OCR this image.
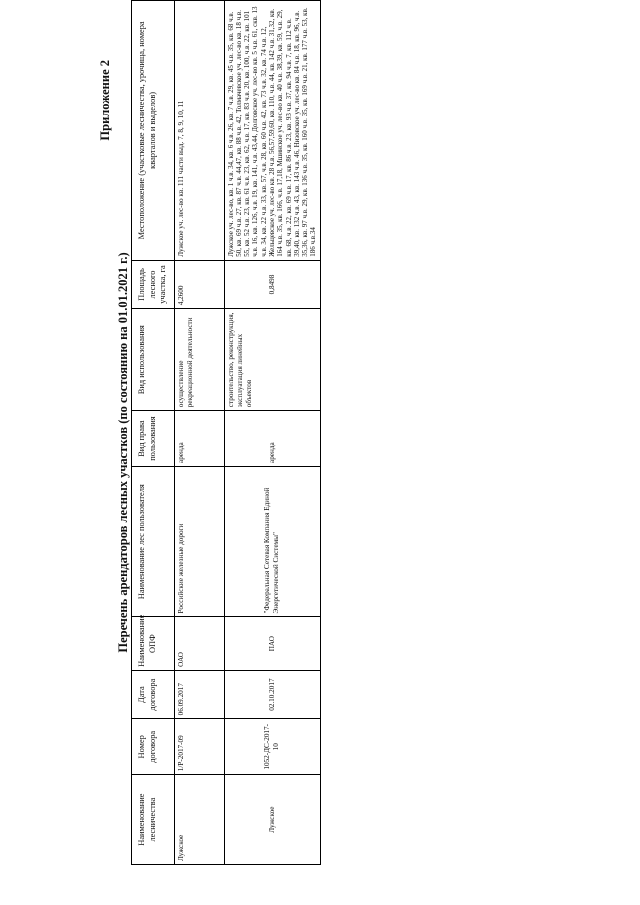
Приложение 2
Перечень арендаторов лесных участков (по состоянию на 01.01.2021 г.)
Наименование лесничества	Номер договора	Дата договора	Наименование ОПФ	Наименование лес пользователя	Вид права пользования	Вид использования	Площадь лесного участка, га	Местоположение (участковые лесничества, урочища, номера кварталов и выделов)
Лужское	1/Р-2017-09	06.09.2017	ОАО	Российские железные дороги	аренда	осуществление рекреационной деятельности	4,2600	Лужское уч. лес-во кв. 111 части выд. 7, 8, 9, 10, 11
Лужское	1052-ДС-2017-10	02.10.2017	ПАО	"Федеральная Сетевая Компания Единой Энергетической Системы"	аренда	строительство, реконструкция, эксплуатация линейных объектов	0,8498	Лужское уч. лес-во, кв. 1 ч.в. 34, кв. 6 ч.в. 26, кв. 7 ч.в. 29, кв. 45 ч.в. 35, кв. 68 ч.в. 50, кв. 69 ч.в. 27, кв. 87 ч.в. 44,47, кв. 88 ч.в. 42, Толмачевское уч. лес-во кв. 18 ч.в. 55, кв. 52 ч.в. 23, кв. 61 ч.в. 23, кв. 62, ч.в. 17, кв. 83 ч.в. 20, кв. 100, ч.в. 22, кв. 101 ч.в. 16, кв. 126, ч.в. 19, кв. 141, ч.в. 43,44, Долговское уч. лес-во кв. 5 ч.в. 61, скв. 13 ч.в. 34, кв. 22 ч.в. 33, кв. 57, ч.в. 28, кв. 60 ч.в. 42, кв. 73 ч.в. 32, кв. 74 ч.в. 12, Жельцевское уч. лес-во кв. 28 ч.в. 56,57,59,60, кв. 110, ч.в. 44, кв. 142 ч.в. 31,32, кв. 164 ч.в. 35, кв. 166, ч.в. 17,18, Мшинское уч. лес-во кв. 40 ч.в. 38,39, кв. 59, ч.в. 29, кв. 68, ч.в. 22, кв. 69 ч.в. 17, кв. 86 ч.в. 23, кв. 93 ч.в. 37, кв. 94 ч.в. 7, кв. 112 ч.в. 39,40, кв. 132 ч.в. 43, кв. 143 ч.в. 46, Низовское уч. лес-во кв. 84 ч.в. 18, кв. 96, ч.в. 35,36, кв. 97 ч.в. 29, кв. 136 ч.в. 35, кв. 160 ч.в. 35, кв. 169 ч.в. 21, кв. 177 ч.в. 53, кв. 186 ч.в.34
